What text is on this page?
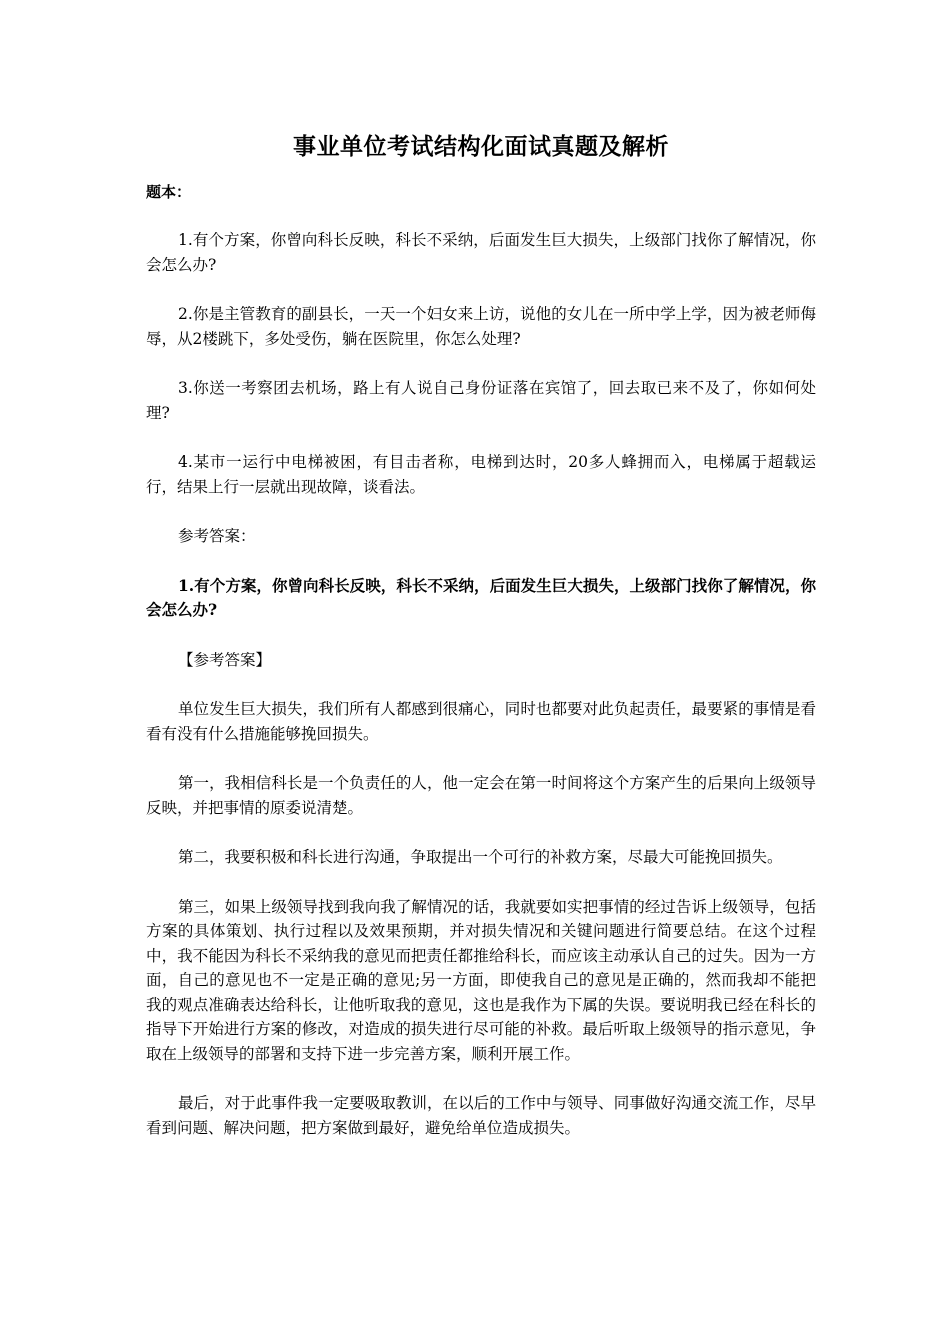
事业单位考试结构化面试真题及解析
题本：

1.有个方案，你曾向科长反映，科长不采纳，后面发生巨大损失，上级部门找你了解情况，你会怎么办?

2.你是主管教育的副县长，一天一个妇女来上访，说他的女儿在一所中学上学，因为被老师侮辱，从2楼跳下，多处受伤，躺在医院里，你怎么处理?

3.你送一考察团去机场，路上有人说自己身份证落在宾馆了，回去取已来不及了，你如何处理?

4.某市一运行中电梯被困，有目击者称，电梯到达时，20多人蜂拥而入，电梯属于超载运行，结果上行一层就出现故障，谈看法。

参考答案：

1.有个方案，你曾向科长反映，科长不采纳，后面发生巨大损失，上级部门找你了解情况，你会怎么办?

【参考答案】

单位发生巨大损失，我们所有人都感到很痛心，同时也都要对此负起责任，最要紧的事情是看看有没有什么措施能够挽回损失。

第一，我相信科长是一个负责任的人，他一定会在第一时间将这个方案产生的后果向上级领导反映，并把事情的原委说清楚。

第二，我要积极和科长进行沟通，争取提出一个可行的补救方案，尽最大可能挽回损失。

第三，如果上级领导找到我向我了解情况的话，我就要如实把事情的经过告诉上级领导，包括方案的具体策划、执行过程以及效果预期，并对损失情况和关键问题进行简要总结。在这个过程中，我不能因为科长不采纳我的意见而把责任都推给科长，而应该主动承认自己的过失。因为一方面，自己的意见也不一定是正确的意见;另一方面，即使我自己的意见是正确的，然而我却不能把我的观点准确表达给科长，让他听取我的意见，这也是我作为下属的失误。要说明我已经在科长的指导下开始进行方案的修改，对造成的损失进行尽可能的补救。最后听取上级领导的指示意见，争取在上级领导的部署和支持下进一步完善方案，顺利开展工作。

最后，对于此事件我一定要吸取教训，在以后的工作中与领导、同事做好沟通交流工作，尽早看到问题、解决问题，把方案做到最好，避免给单位造成损失。
